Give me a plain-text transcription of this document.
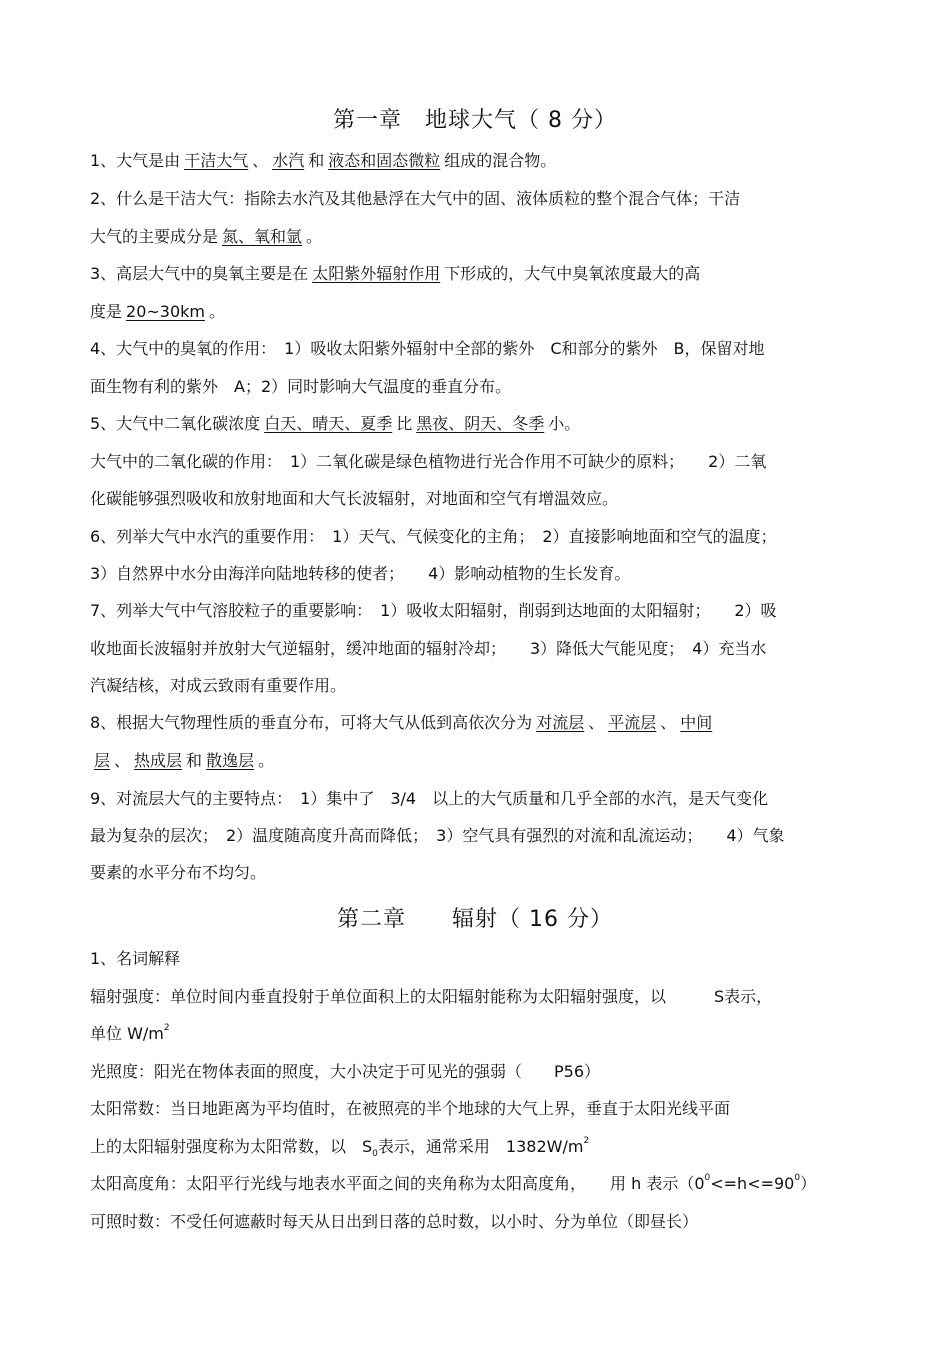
第一章　地球大气（ 8 分）
1、大气是由 干洁大气 、 水汽 和 液态和固态微粒 组成的混合物。
2、什么是干洁大气：指除去水汽及其他悬浮在大气中的固、液体质粒的整个混合气体；干洁
大气的主要成分是 氮、氧和氩 。
3、高层大气中的臭氧主要是在 太阳紫外辐射作用 下形成的，大气中臭氧浓度最大的高
度是 20~30km 。
4、大气中的臭氧的作用：　1）吸收太阳紫外辐射中全部的紫外　C和部分的紫外　B，保留对地
面生物有利的紫外　A；2）同时影响大气温度的垂直分布。
5、大气中二氧化碳浓度 白天、晴天、夏季 比 黑夜、阴天、冬季 小。
大气中的二氧化碳的作用：　1）二氧化碳是绿色植物进行光合作用不可缺少的原料；　　2）二氧
化碳能够强烈吸收和放射地面和大气长波辐射，对地面和空气有增温效应。
6、列举大气中水汽的重要作用：　1）天气、气候变化的主角；　2）直接影响地面和空气的温度；
3）自然界中水分由海洋向陆地转移的使者；　　4）影响动植物的生长发育。
7、列举大气中气溶胶粒子的重要影响：　1）吸收太阳辐射，削弱到达地面的太阳辐射；　　2）吸
收地面长波辐射并放射大气逆辐射，缓冲地面的辐射冷却；　　3）降低大气能见度；　4）充当水
汽凝结核，对成云致雨有重要作用。
8、根据大气物理性质的垂直分布，可将大气从低到高依次分为 对流层 、 平流层 、 中间
层 、 热成层 和 散逸层 。
9、对流层大气的主要特点：　1）集中了　3/4　以上的大气质量和几乎全部的水汽，是天气变化
最为复杂的层次；　2）温度随高度升高而降低；　3）空气具有强烈的对流和乱流运动；　　4）气象
要素的水平分布不均匀。
第二章　　辐射（ 16 分）
1、名词解释
辐射强度：单位时间内垂直投射于单位面积上的太阳辐射能称为太阳辐射强度，以　　　S表示，
单位 $W/m^2$
光照度：阳光在物体表面的照度，大小决定于可见光的强弱（　　P56）
太阳常数：当日地距离为平均值时，在被照亮的半个地球的大气上界，垂直于太阳光线平面
上的太阳辐射强度称为太阳常数，以　$S_0$表示，通常采用　$1382W/m^2$
太阳高度角：太阳平行光线与地表水平面之间的夹角称为太阳高度角，　　用 h 表示$(0^0<=h<=90^0)$
可照时数：不受任何遮蔽时每天从日出到日落的总时数，以小时、分为单位（即昼长）
